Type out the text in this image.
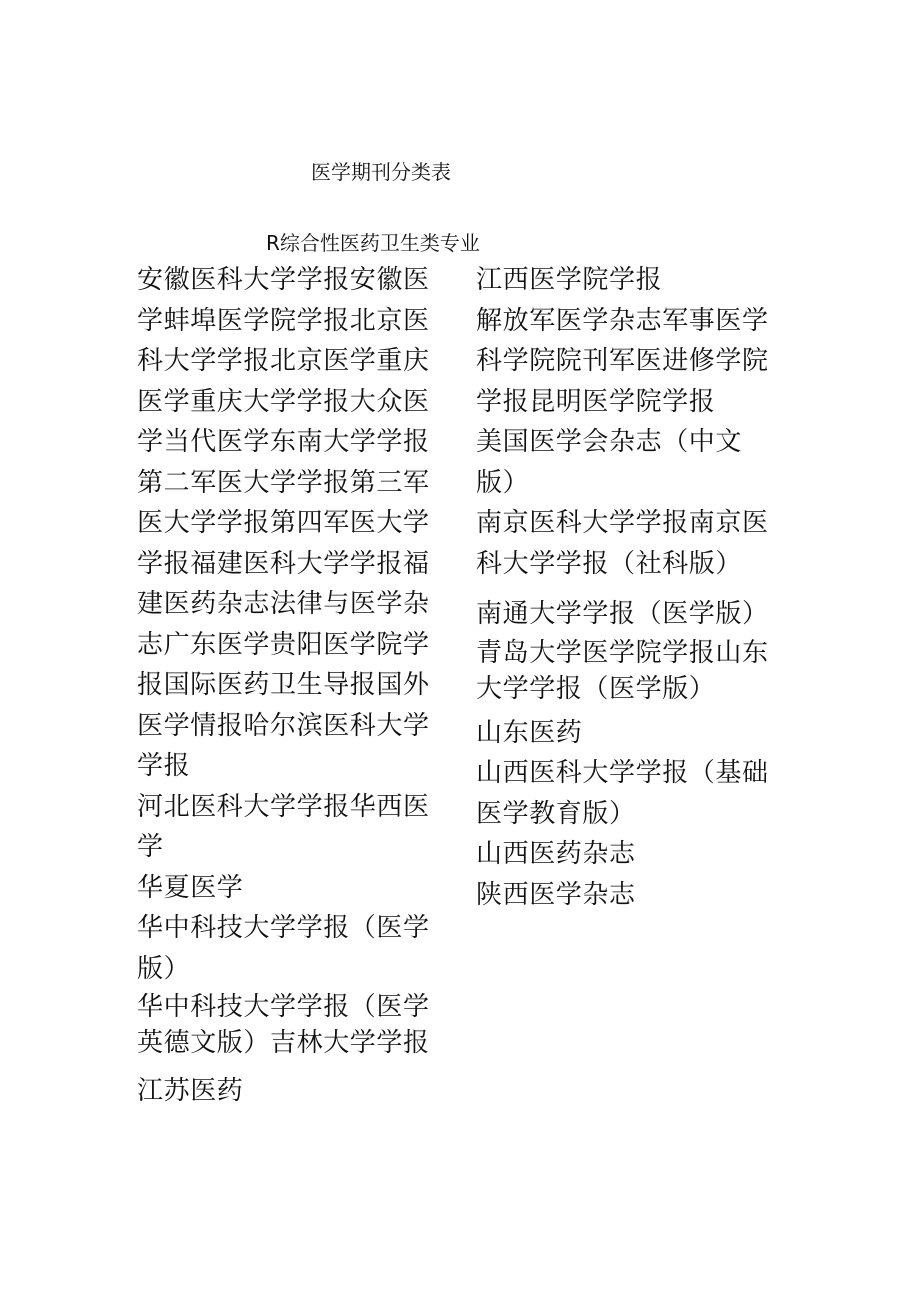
医学期刊分类表
R综合性医药卫生类专业
安徽医科大学学报安徽医学蚌埠医学院学报北京医科大学学报北京医学重庆医学重庆大学学报大众医学当代医学东南大学学报第二军医大学学报第三军医大学学报第四军医大学学报福建医科大学学报福建医药杂志法律与医学杂志广东医学贵阳医学院学报国际医药卫生导报国外医学情报哈尔滨医科大学学报
河北医科大学学报华西医学
华夏医学
华中科技大学学报（医学版）
华中科技大学学报（医学英德文版）吉林大学学报
江苏医药
江西医学院学报
解放军医学杂志军事医学科学院院刊军医进修学院学报昆明医学院学报
美国医学会杂志（中文版）
南京医科大学学报南京医科大学学报（社科版）
南通大学学报（医学版）
青岛大学医学院学报山东大学学报（医学版）
山东医药
山西医科大学学报（基础医学教育版）
山西医药杂志
陕西医学杂志
